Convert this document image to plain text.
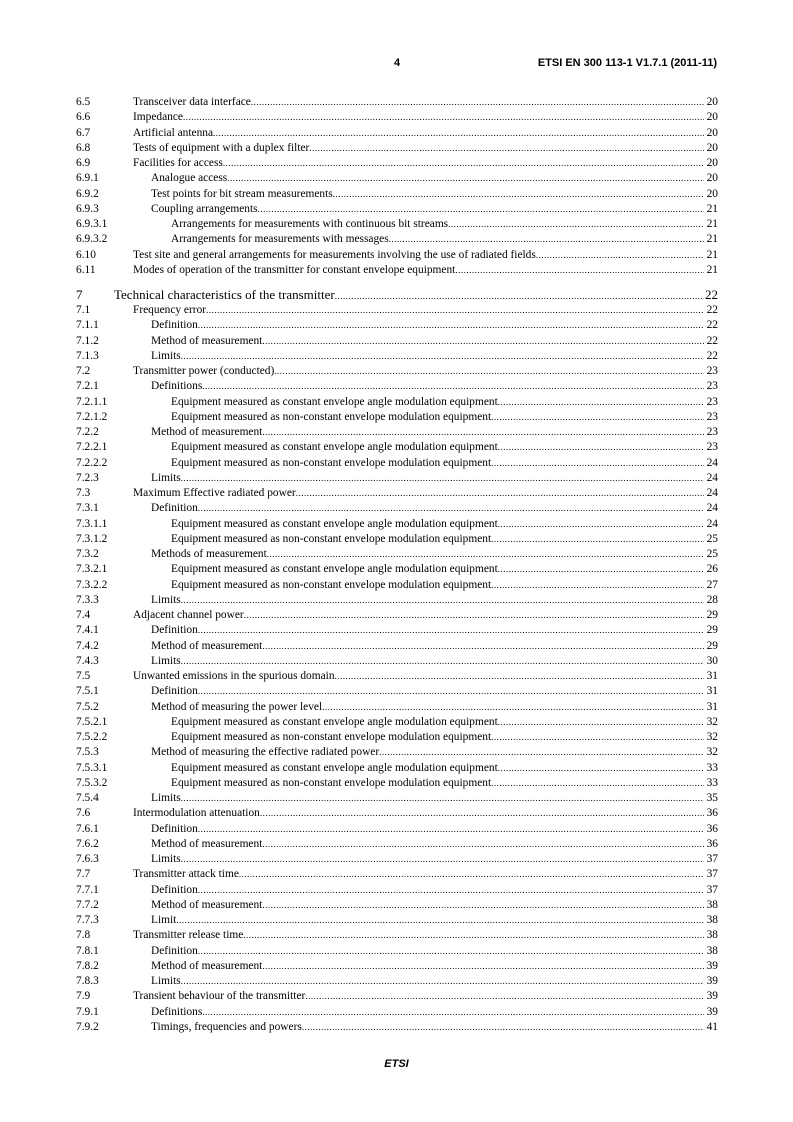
4	ETSI EN 300 113-1 V1.7.1 (2011-11)
6.5	Transceiver data interface .....	20
6.6	Impedance .....	20
6.7	Artificial antenna .....	20
6.8	Tests of equipment with a duplex filter .....	20
6.9	Facilities for access .....	20
6.9.1	Analogue access .....	20
6.9.2	Test points for bit stream measurements .....	20
6.9.3	Coupling arrangements .....	21
6.9.3.1	Arrangements for measurements with continuous bit streams .....	21
6.9.3.2	Arrangements for measurements with messages .....	21
6.10	Test site and general arrangements for measurements involving the use of radiated fields .....	21
6.11	Modes of operation of the transmitter for constant envelope equipment .....	21
7	Technical characteristics of the transmitter .....	22
7.1	Frequency error .....	22
7.1.1	Definition .....	22
7.1.2	Method of measurement .....	22
7.1.3	Limits .....	22
7.2	Transmitter power (conducted) .....	23
7.2.1	Definitions .....	23
7.2.1.1	Equipment measured as constant envelope angle modulation equipment .....	23
7.2.1.2	Equipment measured as non-constant envelope modulation equipment .....	23
7.2.2	Method of measurement .....	23
7.2.2.1	Equipment measured as constant envelope angle modulation equipment .....	23
7.2.2.2	Equipment measured as non-constant envelope modulation equipment .....	24
7.2.3	Limits .....	24
7.3	Maximum Effective radiated power .....	24
7.3.1	Definition .....	24
7.3.1.1	Equipment measured as constant envelope angle modulation equipment .....	24
7.3.1.2	Equipment measured as non-constant envelope modulation equipment .....	25
7.3.2	Methods of measurement .....	25
7.3.2.1	Equipment measured as constant envelope angle modulation equipment .....	26
7.3.2.2	Equipment measured as non-constant envelope modulation equipment .....	27
7.3.3	Limits .....	28
7.4	Adjacent channel power .....	29
7.4.1	Definition .....	29
7.4.2	Method of measurement .....	29
7.4.3	Limits .....	30
7.5	Unwanted emissions in the spurious domain .....	31
7.5.1	Definition .....	31
7.5.2	Method of measuring the power level .....	31
7.5.2.1	Equipment measured as constant envelope angle modulation equipment .....	32
7.5.2.2	Equipment measured as non-constant envelope modulation equipment .....	32
7.5.3	Method of measuring the effective radiated power .....	32
7.5.3.1	Equipment measured as constant envelope angle modulation equipment .....	33
7.5.3.2	Equipment measured as non-constant envelope modulation equipment .....	33
7.5.4	Limits .....	35
7.6	Intermodulation attenuation .....	36
7.6.1	Definition .....	36
7.6.2	Method of measurement .....	36
7.6.3	Limits .....	37
7.7	Transmitter attack time .....	37
7.7.1	Definition .....	37
7.7.2	Method of measurement .....	38
7.7.3	Limit .....	38
7.8	Transmitter release time .....	38
7.8.1	Definition .....	38
7.8.2	Method of measurement .....	39
7.8.3	Limits .....	39
7.9	Transient behaviour of the transmitter .....	39
7.9.1	Definitions .....	39
7.9.2	Timings, frequencies and powers .....	41
ETSI
